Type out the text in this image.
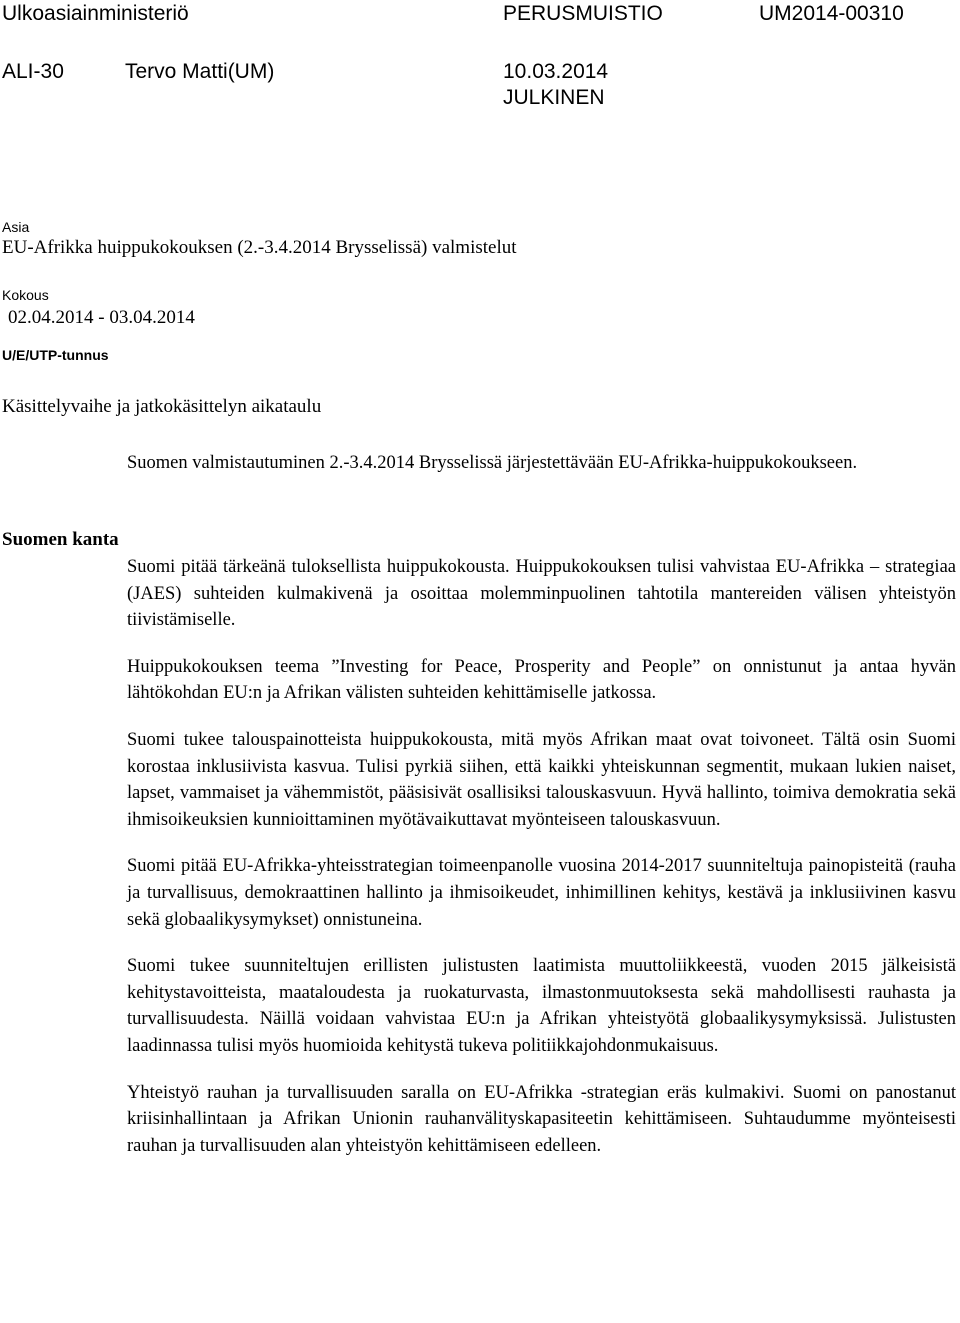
Ulkoasiainministeriö	PERUSMUISTIO	UM2014-00310
ALI-30	Tervo Matti(UM)	10.03.2014
JULKINEN
Asia
EU-Afrikka huippukokouksen (2.-3.4.2014 Brysselissä) valmistelut
Kokous
02.04.2014 - 03.04.2014
U/E/UTP-tunnus
Käsittelyvaihe ja jatkokäsittelyn aikataulu
Suomen kanta
Suomen valmistautuminen 2.-3.4.2014 Brysselissä järjestettävään EU-Afrikka-huippukokoukseen.

Suomi pitää tärkeänä tuloksellista huippukokousta. Huippukokouksen tulisi vahvistaa EU-Afrikka – strategiaa (JAES) suhteiden kulmakivenä ja osoittaa molemminpuolinen tahtotila mantereiden välisen yhteistyön tiivistämiselle.

Huippukokouksen teema ”Investing for Peace, Prosperity and People” on onnistunut ja antaa hyvän lähtökohdan EU:n ja Afrikan välisten suhteiden kehittämiselle jatkossa.

Suomi tukee talouspainotteista huippukokousta, mitä myös Afrikan maat ovat toivoneet. Tältä osin Suomi korostaa inklusiivista kasvua. Tulisi pyrkiä siihen, että kaikki yhteiskunnan segmentit, mukaan lukien naiset, lapset, vammaiset ja vähemmistöt, pääsisivät osallisiksi talouskasvuun. Hyvä hallinto, toimiva demokratia sekä ihmisoikeuksien kunnioittaminen myötävaikuttavat myönteiseen talouskasvuun.

Suomi pitää EU-Afrikka-yhteisstrategian toimeenpanolle vuosina 2014-2017 suunniteltuja painopisteitä (rauha ja turvallisuus, demokraattinen hallinto ja ihmisoikeudet, inhimillinen kehitys, kestävä ja inklusiivinen kasvu sekä globaalikysymykset) onnistuneina.

Suomi tukee suunniteltujen erillisten julistusten laatimista muuttoliikkeestä, vuoden 2015 jälkeisistä kehitystavoitteista, maataloudesta ja ruokaturvasta, ilmastonmuutoksesta sekä mahdollisesti rauhasta ja turvallisuudesta. Näillä voidaan vahvistaa EU:n ja Afrikan yhteistyötä globaalikysymyksissä. Julistusten laadinnassa tulisi myös huomioida kehitystä tukeva politiikkajohdonmukaisuus.

Yhteistyö rauhan ja turvallisuuden saralla on EU-Afrikka -strategian eräs kulmakivi. Suomi on panostanut kriisinhallintaan ja Afrikan Unionin rauhanvälityskapasiteetin kehittämiseen. Suhtaudumme myönteisesti rauhan ja turvallisuuden alan yhteistyön kehittämiseen edelleen.
